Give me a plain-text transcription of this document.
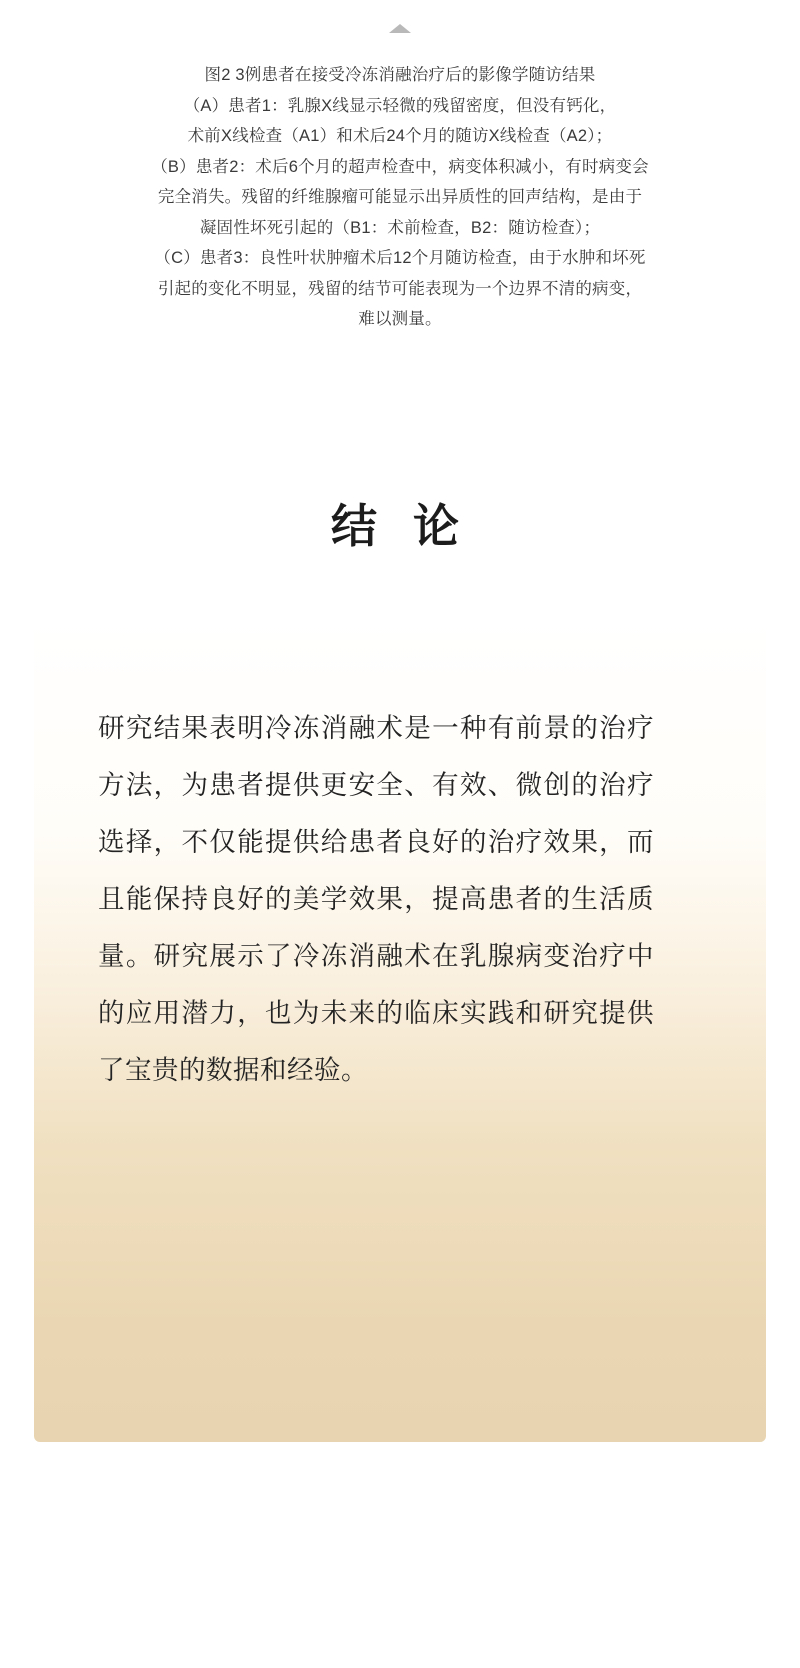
图2 3例患者在接受冷冻消融治疗后的影像学随访结果

（A）患者1：乳腺X线显示轻微的残留密度，但没有钙化，

术前X线检查（A1）和术后24个月的随访X线检查（A2）；

（B）患者2：术后6个月的超声检查中，病变体积减小，有时病变会

完全消失。残留的纤维腺瘤可能显示出异质性的回声结构，是由于

凝固性坏死引起的（B1：术前检查，B2：随访检查）；

（C）患者3：良性叶状肿瘤术后12个月随访检查，由于水肿和坏死

引起的变化不明显，残留的结节可能表现为一个边界不清的病变，

难以测量。

结 论

研究结果表明冷冻消融术是一种有前景的治疗方法，为患者提供更安全、有效、微创的治疗选择，不仅能提供给患者良好的治疗效果，而且能保持良好的美学效果，提高患者的生活质量。研究展示了冷冻消融术在乳腺病变治疗中的应用潜力，也为未来的临床实践和研究提供了宝贵的数据和经验。
